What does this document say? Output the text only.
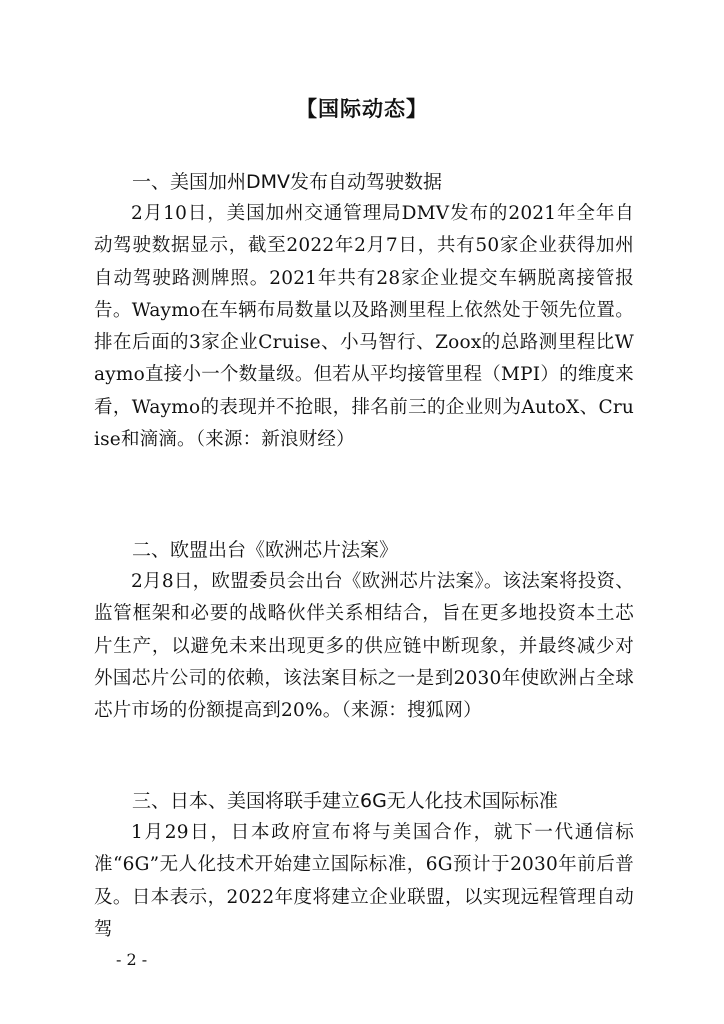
【国际动态】

一、美国加州DMV发布自动驾驶数据

2月10日，美国加州交通管理局DMV发布的2021年全年自动驾驶数据显示，截至2022年2月7日，共有50家企业获得加州自动驾驶路测牌照。2021年共有28家企业提交车辆脱离接管报告。Waymo在车辆布局数量以及路测里程上依然处于领先位置。排在后面的3家企业Cruise、小马智行、Zoox的总路测里程比Waymo直接小一个数量级。但若从平均接管里程（MPI）的维度来看，Waymo的表现并不抢眼，排名前三的企业则为AutoX、Cruise和滴滴。（来源：新浪财经）

二、欧盟出台《欧洲芯片法案》

2月8日，欧盟委员会出台《欧洲芯片法案》。该法案将投资、监管框架和必要的战略伙伴关系相结合，旨在更多地投资本土芯片生产，以避免未来出现更多的供应链中断现象，并最终减少对外国芯片公司的依赖，该法案目标之一是到2030年使欧洲占全球芯片市场的份额提高到20%。（来源：搜狐网）

三、日本、美国将联手建立6G无人化技术国际标准

1月29日，日本政府宣布将与美国合作，就下一代通信标准“6G”无人化技术开始建立国际标准，6G预计于2030年前后普及。日本表示，2022年度将建立企业联盟，以实现远程管理自动驾

- 2 -
